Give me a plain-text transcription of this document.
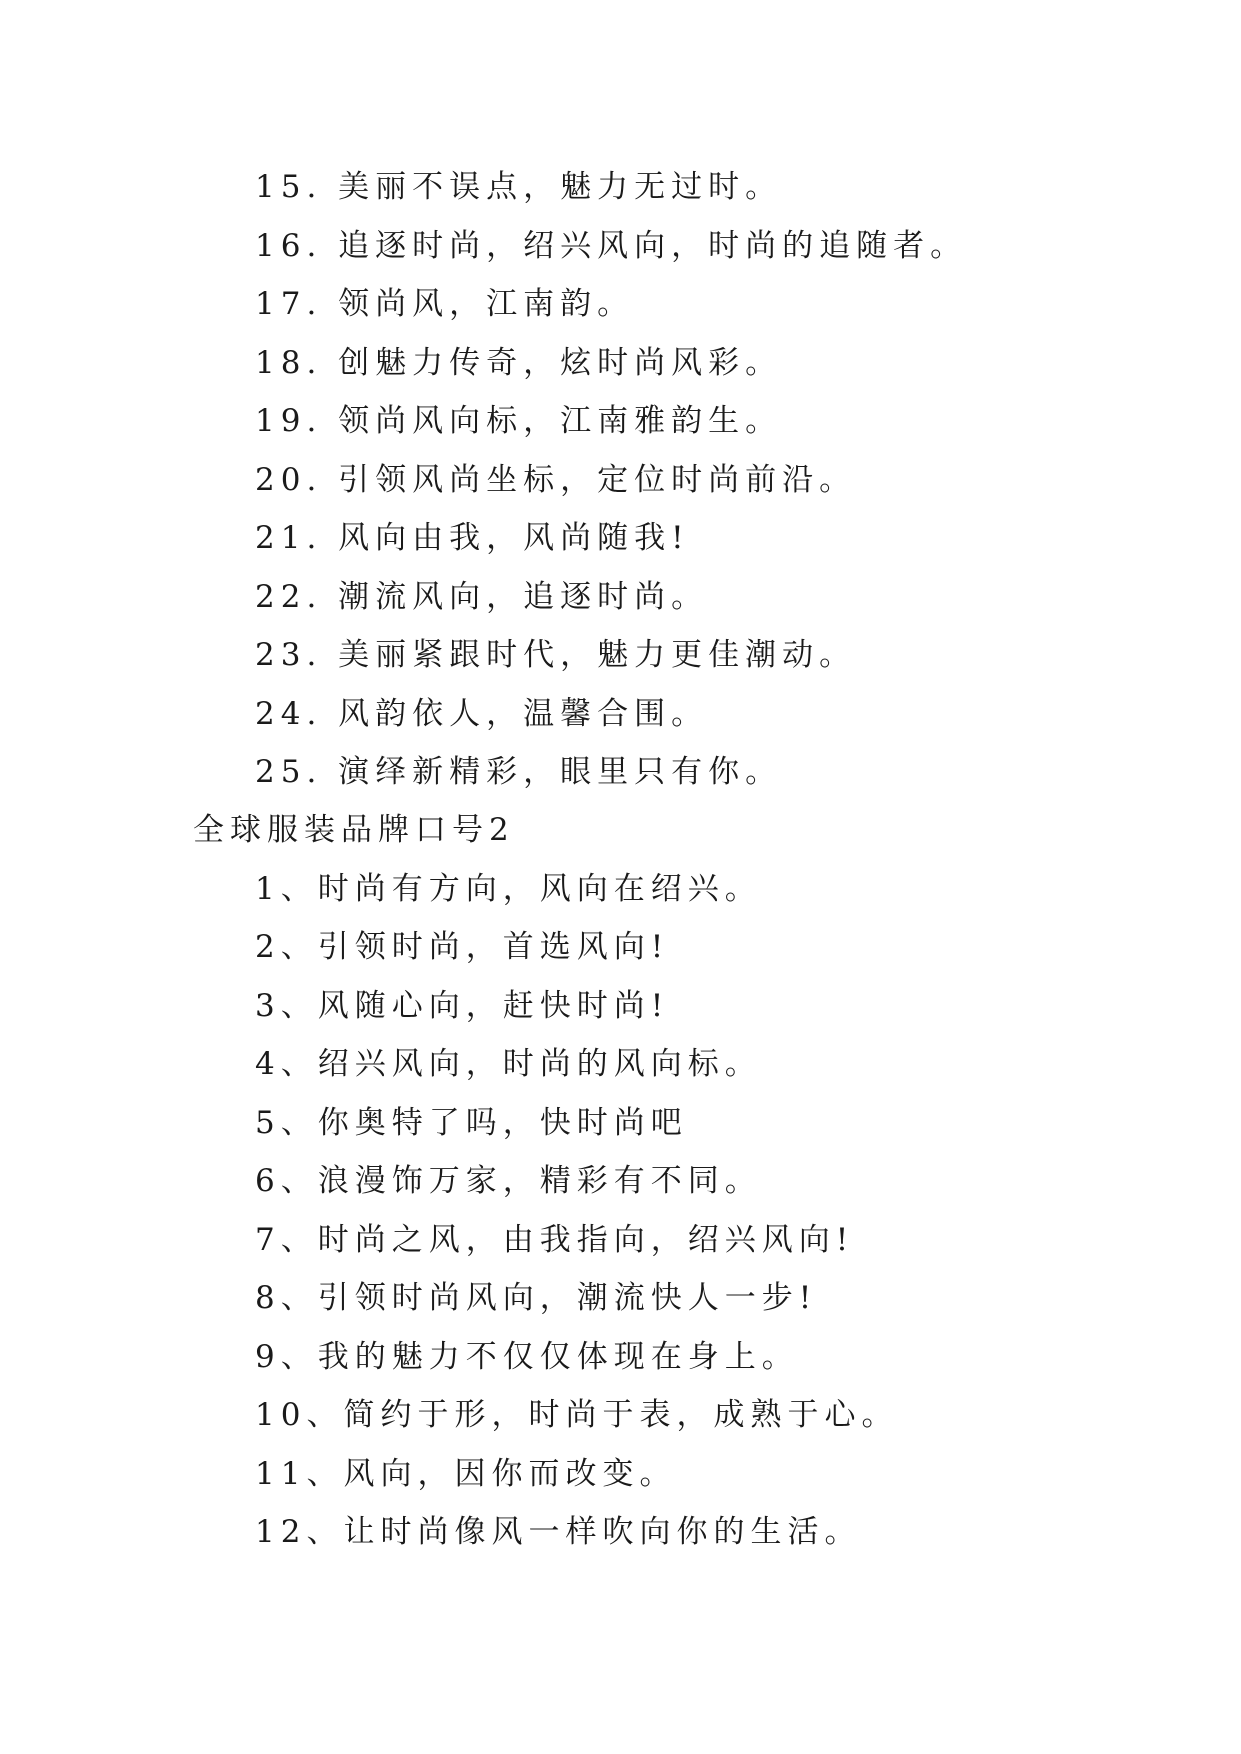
15. 美丽不误点，魅力无过时。
16. 追逐时尚，绍兴风向，时尚的追随者。
17. 领尚风，江南韵。
18. 创魅力传奇，炫时尚风彩。
19. 领尚风向标，江南雅韵生。
20. 引领风尚坐标，定位时尚前沿。
21. 风向由我，风尚随我!
22. 潮流风向，追逐时尚。
23. 美丽紧跟时代，魅力更佳潮动。
24. 风韵依人，温馨合围。
25. 演绎新精彩，眼里只有你。
全球服装品牌口号2
1、时尚有方向，风向在绍兴。
2、引领时尚，首选风向!
3、风随心向，赶快时尚!
4、绍兴风向，时尚的风向标。
5、你奥特了吗，快时尚吧
6、浪漫饰万家，精彩有不同。
7、时尚之风，由我指向，绍兴风向!
8、引领时尚风向，潮流快人一步!
9、我的魅力不仅仅体现在身上。
10、简约于形，时尚于表，成熟于心。
11、风向，因你而改变。
12、让时尚像风一样吹向你的生活。
